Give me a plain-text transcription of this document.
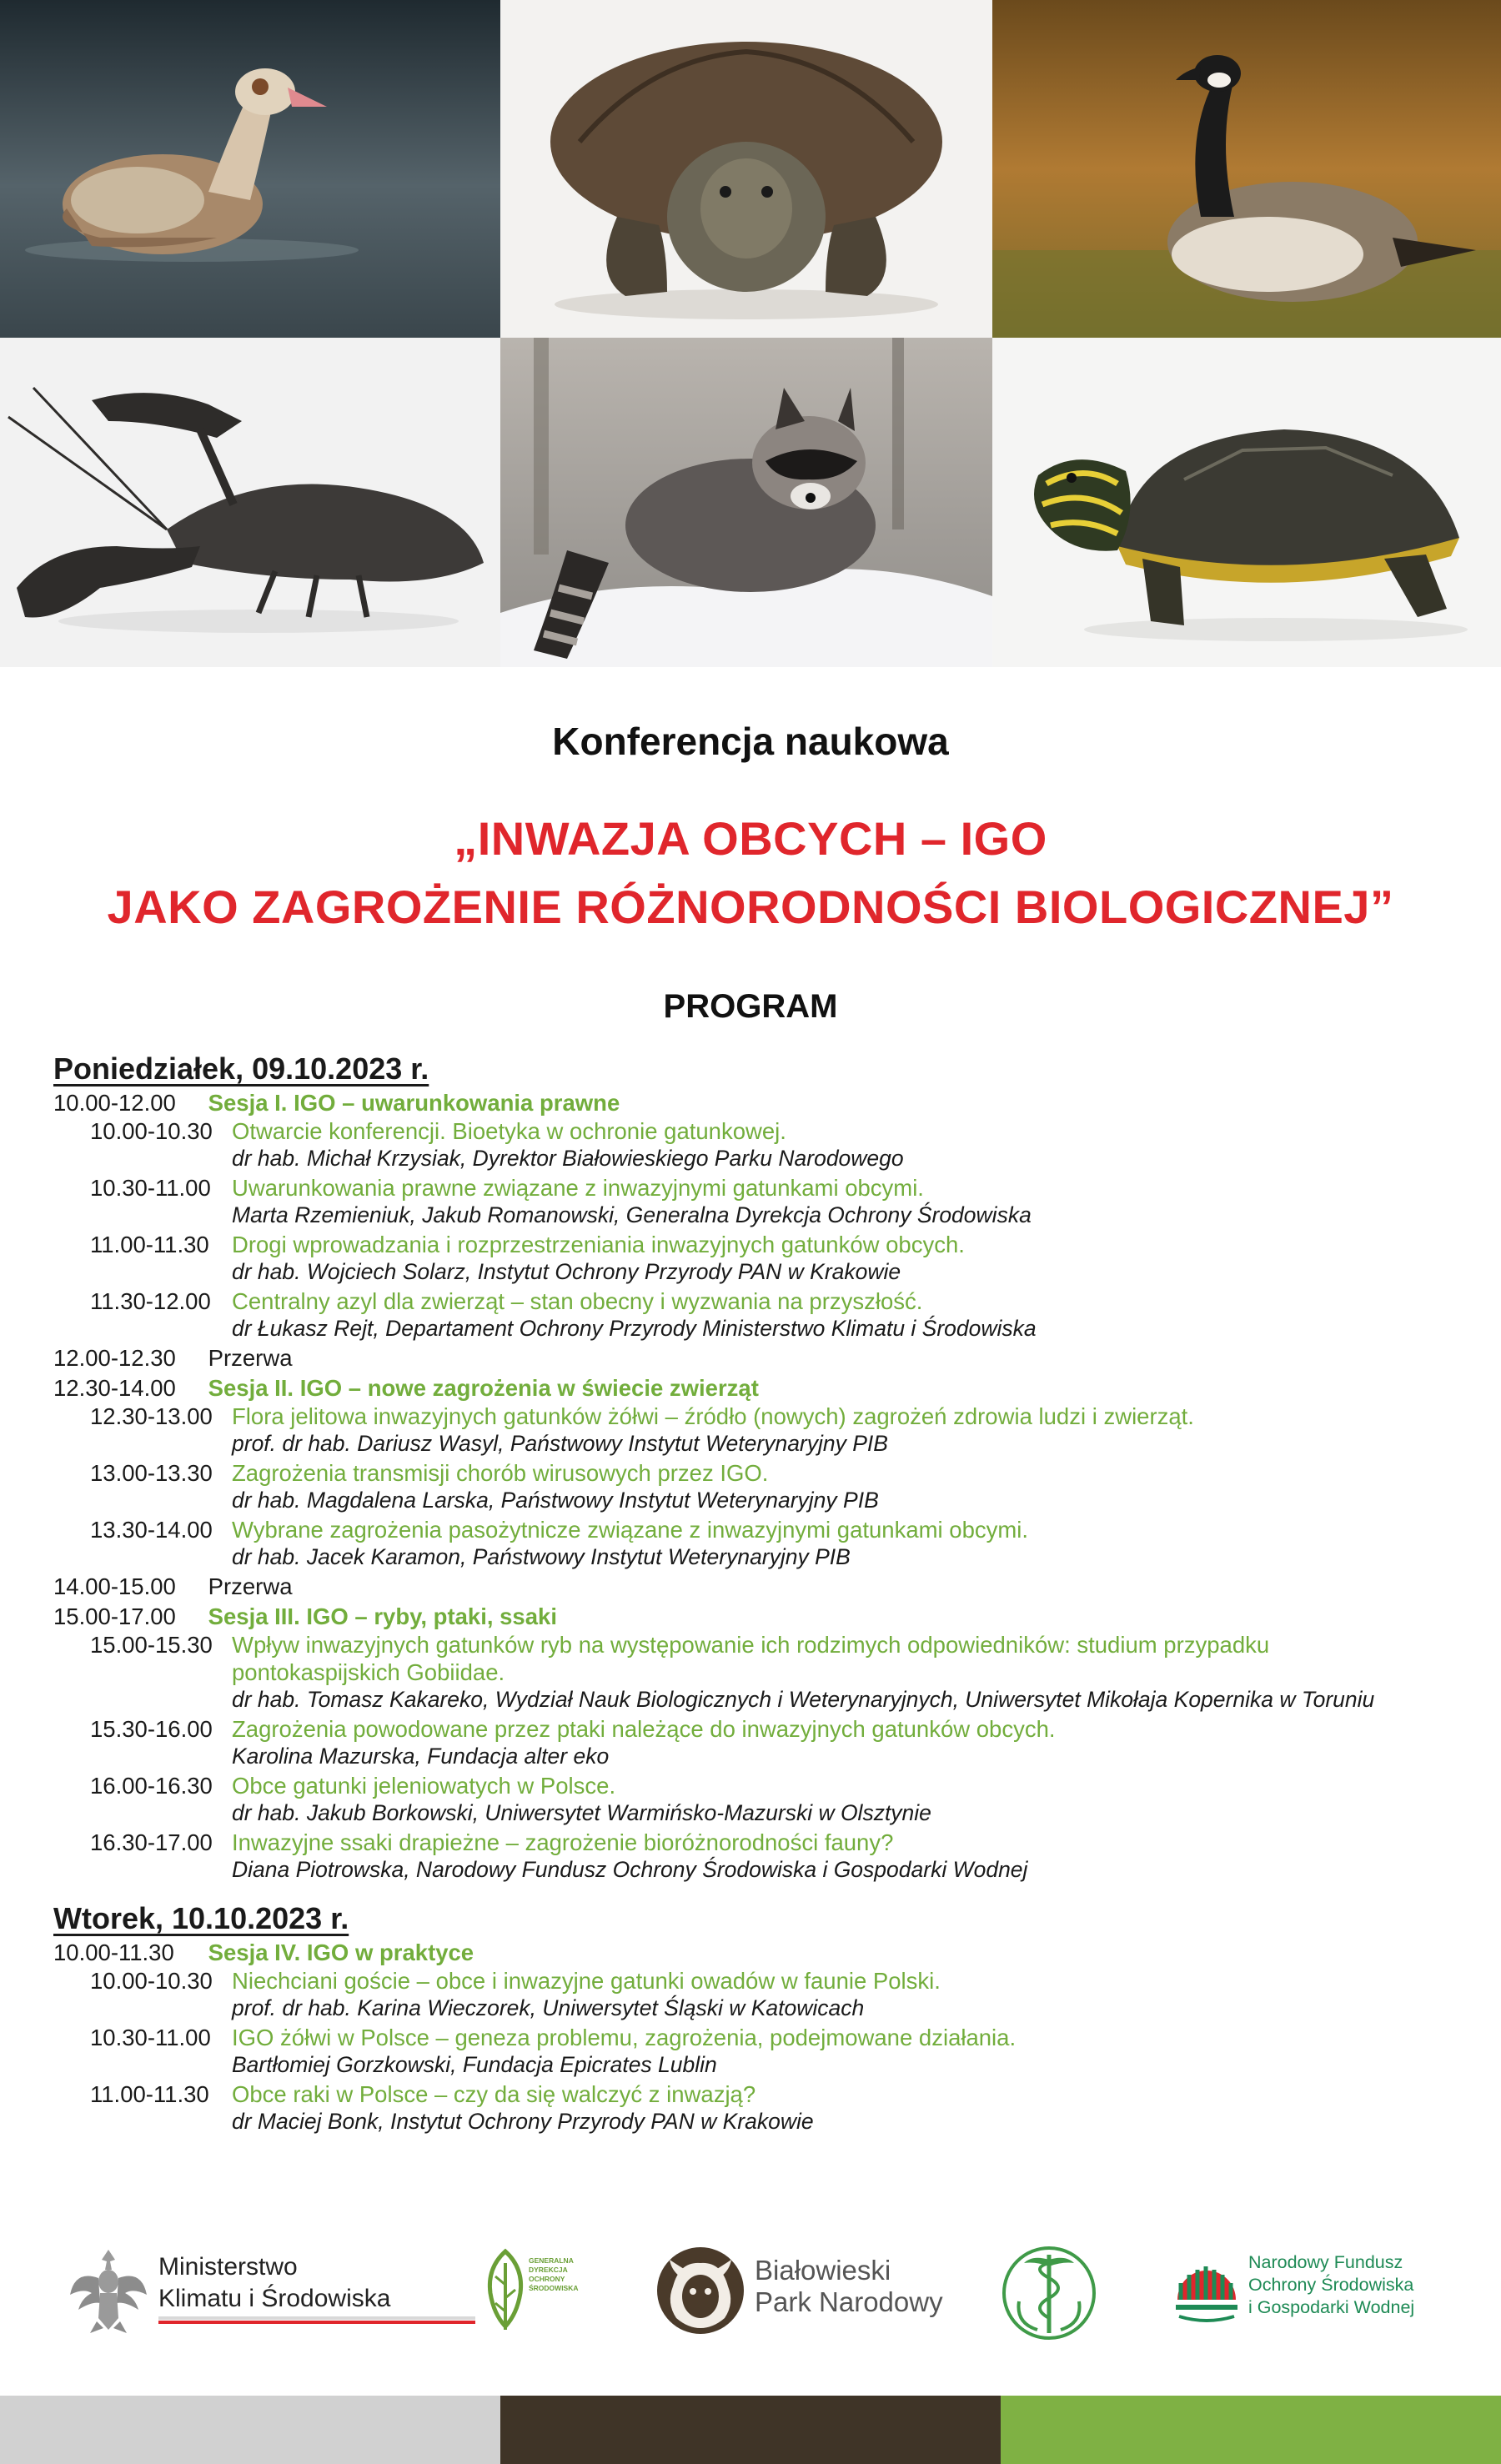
Konferencja naukowa
„INWAZJA OBCYCH – IGO
JAKO ZAGROŻENIE RÓŻNORODNOŚCI BIOLOGICZNEJ”
PROGRAM
Poniedziałek, 09.10.2023 r.
10.00-12.00 Sesja I. IGO – uwarunkowania prawne
10.00-10.30 Otwarcie konferencji. Bioetyka w ochronie gatunkowej.
dr hab. Michał Krzysiak, Dyrektor Białowieskiego Parku Narodowego
10.30-11.00 Uwarunkowania prawne związane z inwazyjnymi gatunkami obcymi.
Marta Rzemieniuk, Jakub Romanowski, Generalna Dyrekcja Ochrony Środowiska
11.00-11.30 Drogi wprowadzania i rozprzestrzeniania inwazyjnych gatunków obcych.
dr hab. Wojciech Solarz, Instytut Ochrony Przyrody PAN w Krakowie
11.30-12.00 Centralny azyl dla zwierząt – stan obecny i wyzwania na przyszłość.
dr Łukasz Rejt, Departament Ochrony Przyrody Ministerstwo Klimatu i Środowiska
12.00-12.30 Przerwa
12.30-14.00 Sesja II. IGO – nowe zagrożenia w świecie zwierząt
12.30-13.00 Flora jelitowa inwazyjnych gatunków żółwi – źródło (nowych) zagrożeń zdrowia ludzi i zwierząt.
prof. dr hab. Dariusz Wasyl, Państwowy Instytut Weterynaryjny PIB
13.00-13.30 Zagrożenia transmisji chorób wirusowych przez IGO.
dr hab. Magdalena Larska, Państwowy Instytut Weterynaryjny PIB
13.30-14.00 Wybrane zagrożenia pasożytnicze związane z inwazyjnymi gatunkami obcymi.
dr hab. Jacek Karamon, Państwowy Instytut Weterynaryjny PIB
14.00-15.00 Przerwa
15.00-17.00 Sesja III. IGO – ryby, ptaki, ssaki
15.00-15.30 Wpływ inwazyjnych gatunków ryb na występowanie ich rodzimych odpowiedników: studium przypadku pontokaspijskich Gobiidae.
dr hab. Tomasz Kakareko, Wydział Nauk Biologicznych i Weterynaryjnych, Uniwersytet Mikołaja Kopernika w Toruniu
15.30-16.00 Zagrożenia powodowane przez ptaki należące do inwazyjnych gatunków obcych.
Karolina Mazurska, Fundacja alter eko
16.00-16.30 Obce gatunki jeleniowatych w Polsce.
dr hab. Jakub Borkowski, Uniwersytet Warmińsko-Mazurski w Olsztynie
16.30-17.00 Inwazyjne ssaki drapieżne – zagrożenie bioróżnorodności fauny?
Diana Piotrowska, Narodowy Fundusz Ochrony Środowiska i Gospodarki Wodnej
Wtorek, 10.10.2023 r.
10.00-11.30 Sesja IV. IGO w praktyce
10.00-10.30 Niechciani goście – obce i inwazyjne gatunki owadów w faunie Polski.
prof. dr hab. Karina Wieczorek, Uniwersytet Śląski w Katowicach
10.30-11.00 IGO żółwi w Polsce – geneza problemu, zagrożenia, podejmowane działania.
Bartłomiej Gorzkowski, Fundacja Epicrates Lublin
11.00-11.30 Obce raki w Polsce – czy da się walczyć z inwazją?
dr Maciej Bonk, Instytut Ochrony Przyrody PAN w Krakowie
Ministerstwo
Klimatu i Środowiska
GENERALNA
DYREKCJA
OCHRONY
ŚRODOWISKA
Białowieski
Park Narodowy
Narodowy Fundusz
Ochrony Środowiska
i Gospodarki Wodnej
